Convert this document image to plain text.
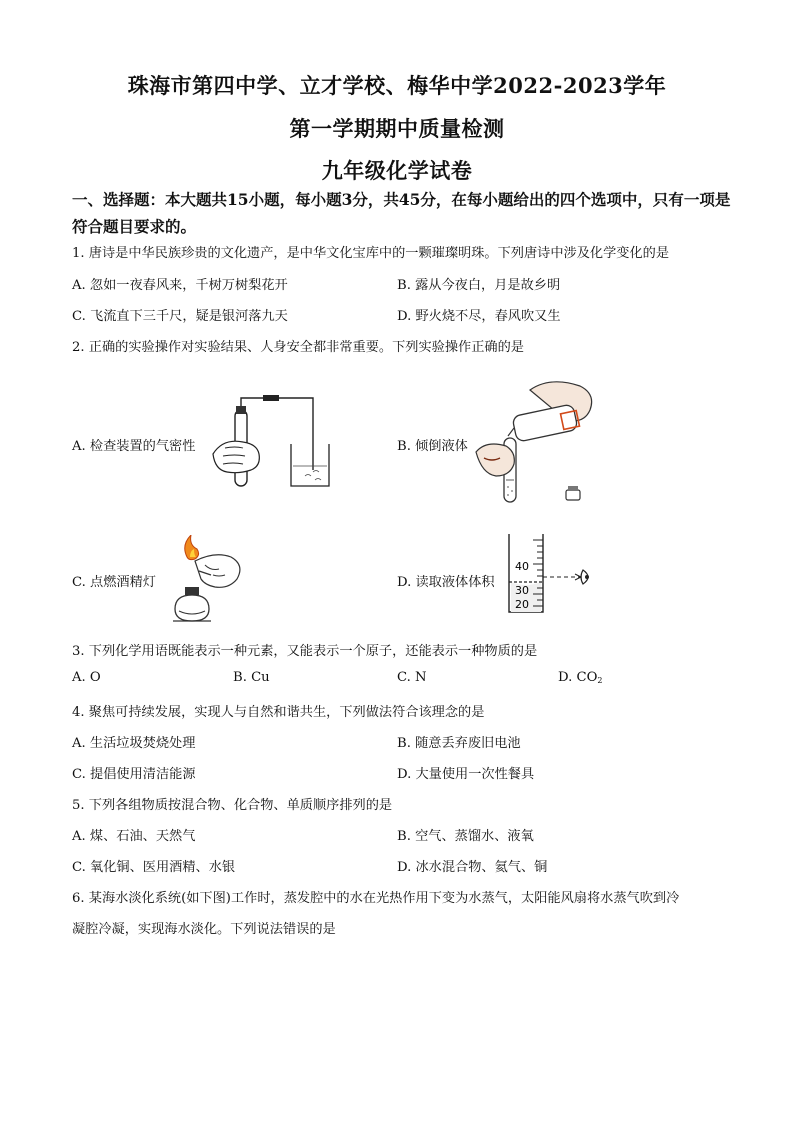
珠海市第四中学、立才学校、梅华中学2022-2023学年
第一学期期中质量检测
九年级化学试卷
一、选择题：本大题共15小题，每小题3分，共45分，在每小题给出的四个选项中，只有一项是符合题目要求的。
1. 唐诗是中华民族珍贵的文化遗产，是中华文化宝库中的一颗璀璨明珠。下列唐诗中涉及化学变化的是
A. 忽如一夜春风来，千树万树梨花开	B. 露从今夜白，月是故乡明
C. 飞流直下三千尺，疑是银河落九天	D. 野火烧不尽，春风吹又生
2. 正确的实验操作对实验结果、人身安全都非常重要。下列实验操作正确的是
A. 检查装置的气密性	B. 倾倒液体
C. 点燃酒精灯	D. 读取液体体积
40
30
20
3. 下列化学用语既能表示一种元素，又能表示一个原子，还能表示一种物质的是
A. O	B. Cu	C. N	D. CO2
4. 聚焦可持续发展，实现人与自然和谐共生，下列做法符合该理念的是
A. 生活垃圾焚烧处理	B. 随意丢弃废旧电池
C. 提倡使用清洁能源	D. 大量使用一次性餐具
5. 下列各组物质按混合物、化合物、单质顺序排列的是
A. 煤、石油、天然气	B. 空气、蒸馏水、液氧
C. 氧化铜、医用酒精、水银	D. 冰水混合物、氦气、铜
6. 某海水淡化系统(如下图)工作时，蒸发腔中的水在光热作用下变为水蒸气，太阳能风扇将水蒸气吹到冷
凝腔冷凝，实现海水淡化。下列说法错误的是
